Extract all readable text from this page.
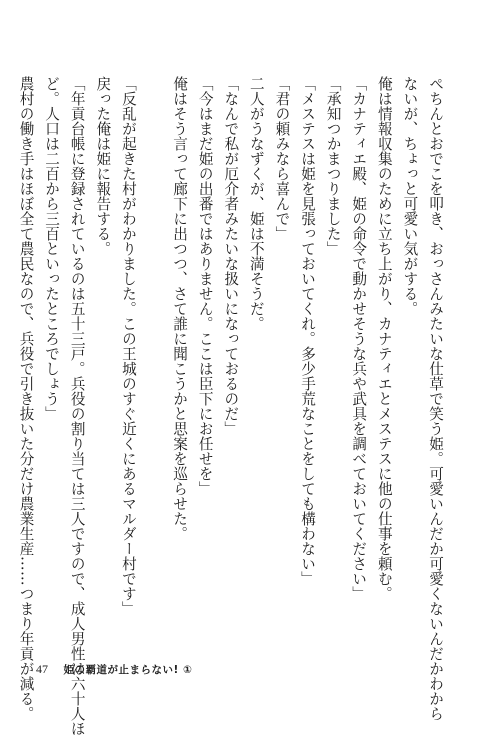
ぺちんとおでこを叩き、おっさんみたいな仕草で笑う姫。可愛いんだか可愛くないんだかわから
ないが、ちょっと可愛い気がする。
俺は情報収集のために立ち上がり、カナティエとメステスに他の仕事を頼む。
「カナティエ殿、姫の命令で動かせそうな兵や武具を調べておいてください」
「承知つかまつりました」
「メステスは姫を見張っておいてくれ。多少手荒なことをしても構わない」
「君の頼みなら喜んで」
二人がうなずくが、姫は不満そうだ。
「なんで私が厄介者みたいな扱いになっておるのだ」
「今はまだ姫の出番ではありません。ここは臣下にお任せを」
俺はそう言って廊下に出つつ、さて誰に聞こうかと思案を巡らせた。
「反乱が起きた村がわかりました。この王城のすぐ近くにあるマルダー村です」
戻った俺は姫に報告する。
「年貢台帳に登録されているのは五十三戸。兵役の割り当ては三人ですので、成人男性は六十人ほ
ど。人口は二百から三百といったところでしょう」
農村の働き手はほぼ全て農民なので、兵役で引き抜いた分だけ農業生産……つまり年貢が減る。 47 姫の覇道が止まらない! ①
